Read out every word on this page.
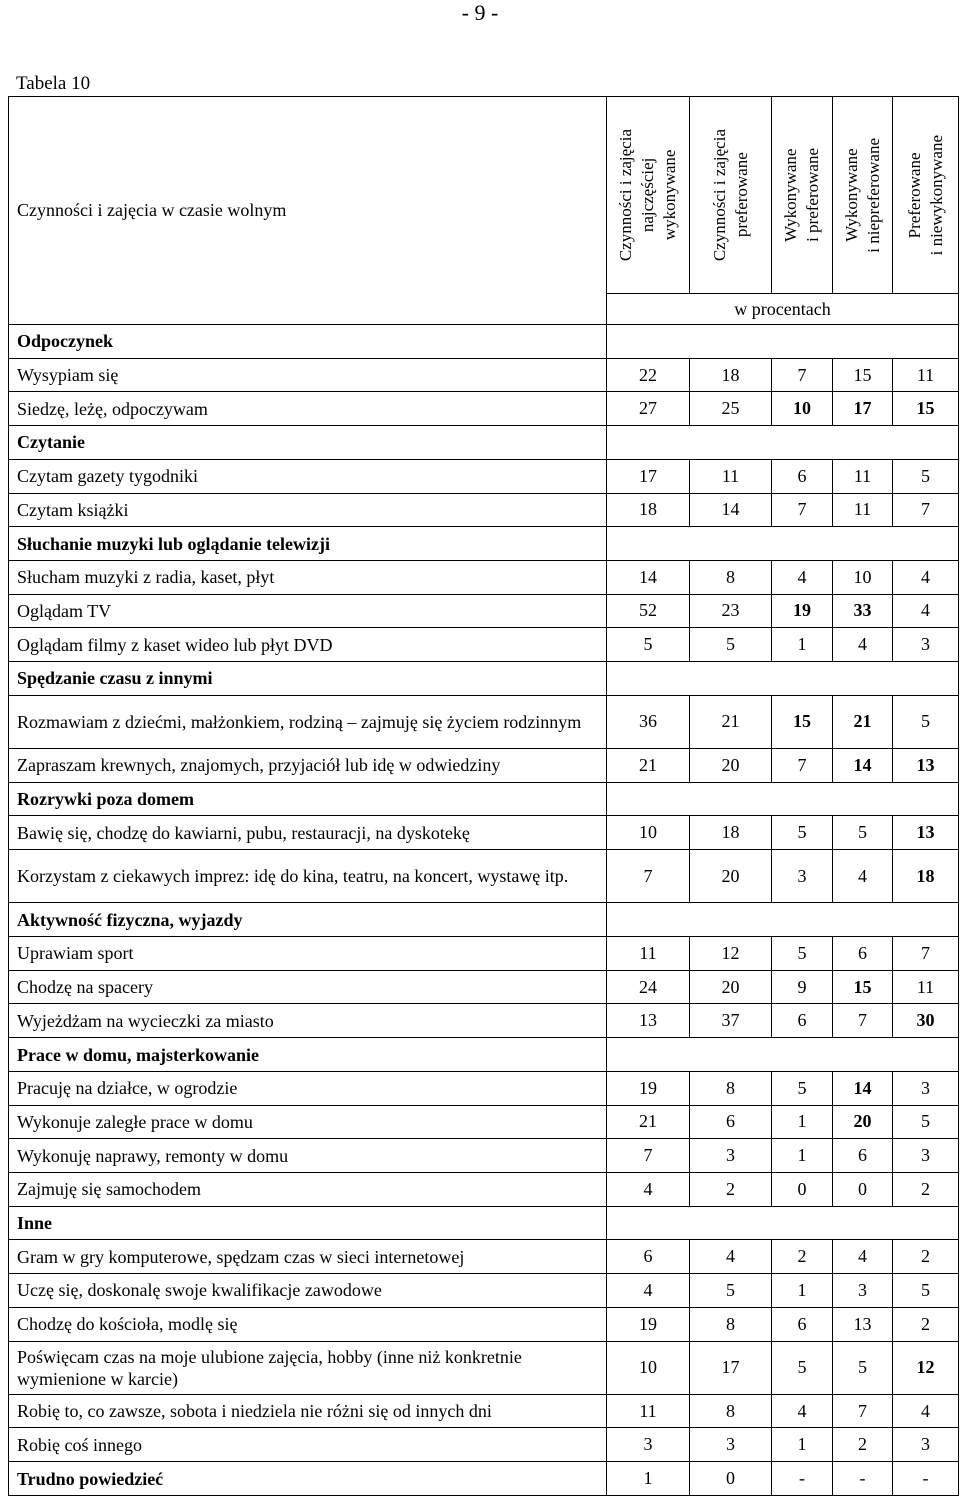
- 9 -
Tabela 10
Czynności i zajęcia w czasie wolnym	Czynności i zajęcia
najczęściej
wykonywane	Czynności i zajęcia
preferowane	Wykonywane
i preferowane	Wykonywane
i niepreferowane	Preferowane
i niewykonywane

	w procentach				
Odpoczynek					
Wysypiam się	22	18	7	15	11
Siedzę, leżę, odpoczywam	27	25	10	17	15
Czytanie					
Czytam gazety tygodniki	17	11	6	11	5
Czytam książki	18	14	7	11	7
Słuchanie muzyki lub oglądanie telewizji					
Słucham muzyki z radia, kaset, płyt	14	8	4	10	4
Oglądam TV	52	23	19	33	4
Oglądam filmy z kaset wideo lub płyt DVD	5	5	1	4	3
Spędzanie czasu z innymi					
Rozmawiam z dziećmi, małżonkiem, rodziną – zajmuję się życiem rodzinnym	36	21	15	21	5
Zapraszam krewnych, znajomych, przyjaciół lub idę w odwiedziny	21	20	7	14	13
Rozrywki poza domem					
Bawię się, chodzę do kawiarni, pubu, restauracji, na dyskotekę	10	18	5	5	13
Korzystam z ciekawych imprez: idę do kina, teatru, na koncert, wystawę itp.	7	20	3	4	18
Aktywność fizyczna, wyjazdy					
Uprawiam sport	11	12	5	6	7
Chodzę na spacery	24	20	9	15	11
Wyjeżdżam na wycieczki za miasto	13	37	6	7	30
Prace w domu, majsterkowanie					
Pracuję na działce, w ogrodzie	19	8	5	14	3
Wykonuje zaległe prace w domu	21	6	1	20	5
Wykonuję naprawy, remonty w domu	7	3	1	6	3
Zajmuję się samochodem	4	2	0	0	2
Inne					
Gram w gry komputerowe, spędzam czas w sieci internetowej	6	4	2	4	2
Uczę się, doskonalę swoje kwalifikacje zawodowe	4	5	1	3	5
Chodzę do kościoła, modlę się	19	8	6	13	2
Poświęcam czas na moje ulubione zajęcia, hobby (inne niż konkretnie wymienione w karcie)	10	17	5	5	12
Robię to, co zawsze, sobota i niedziela nie różni się od innych dni	11	8	4	7	4
Robię coś innego	3	3	1	2	3
Trudno powiedzieć	1	0	-	-	-
